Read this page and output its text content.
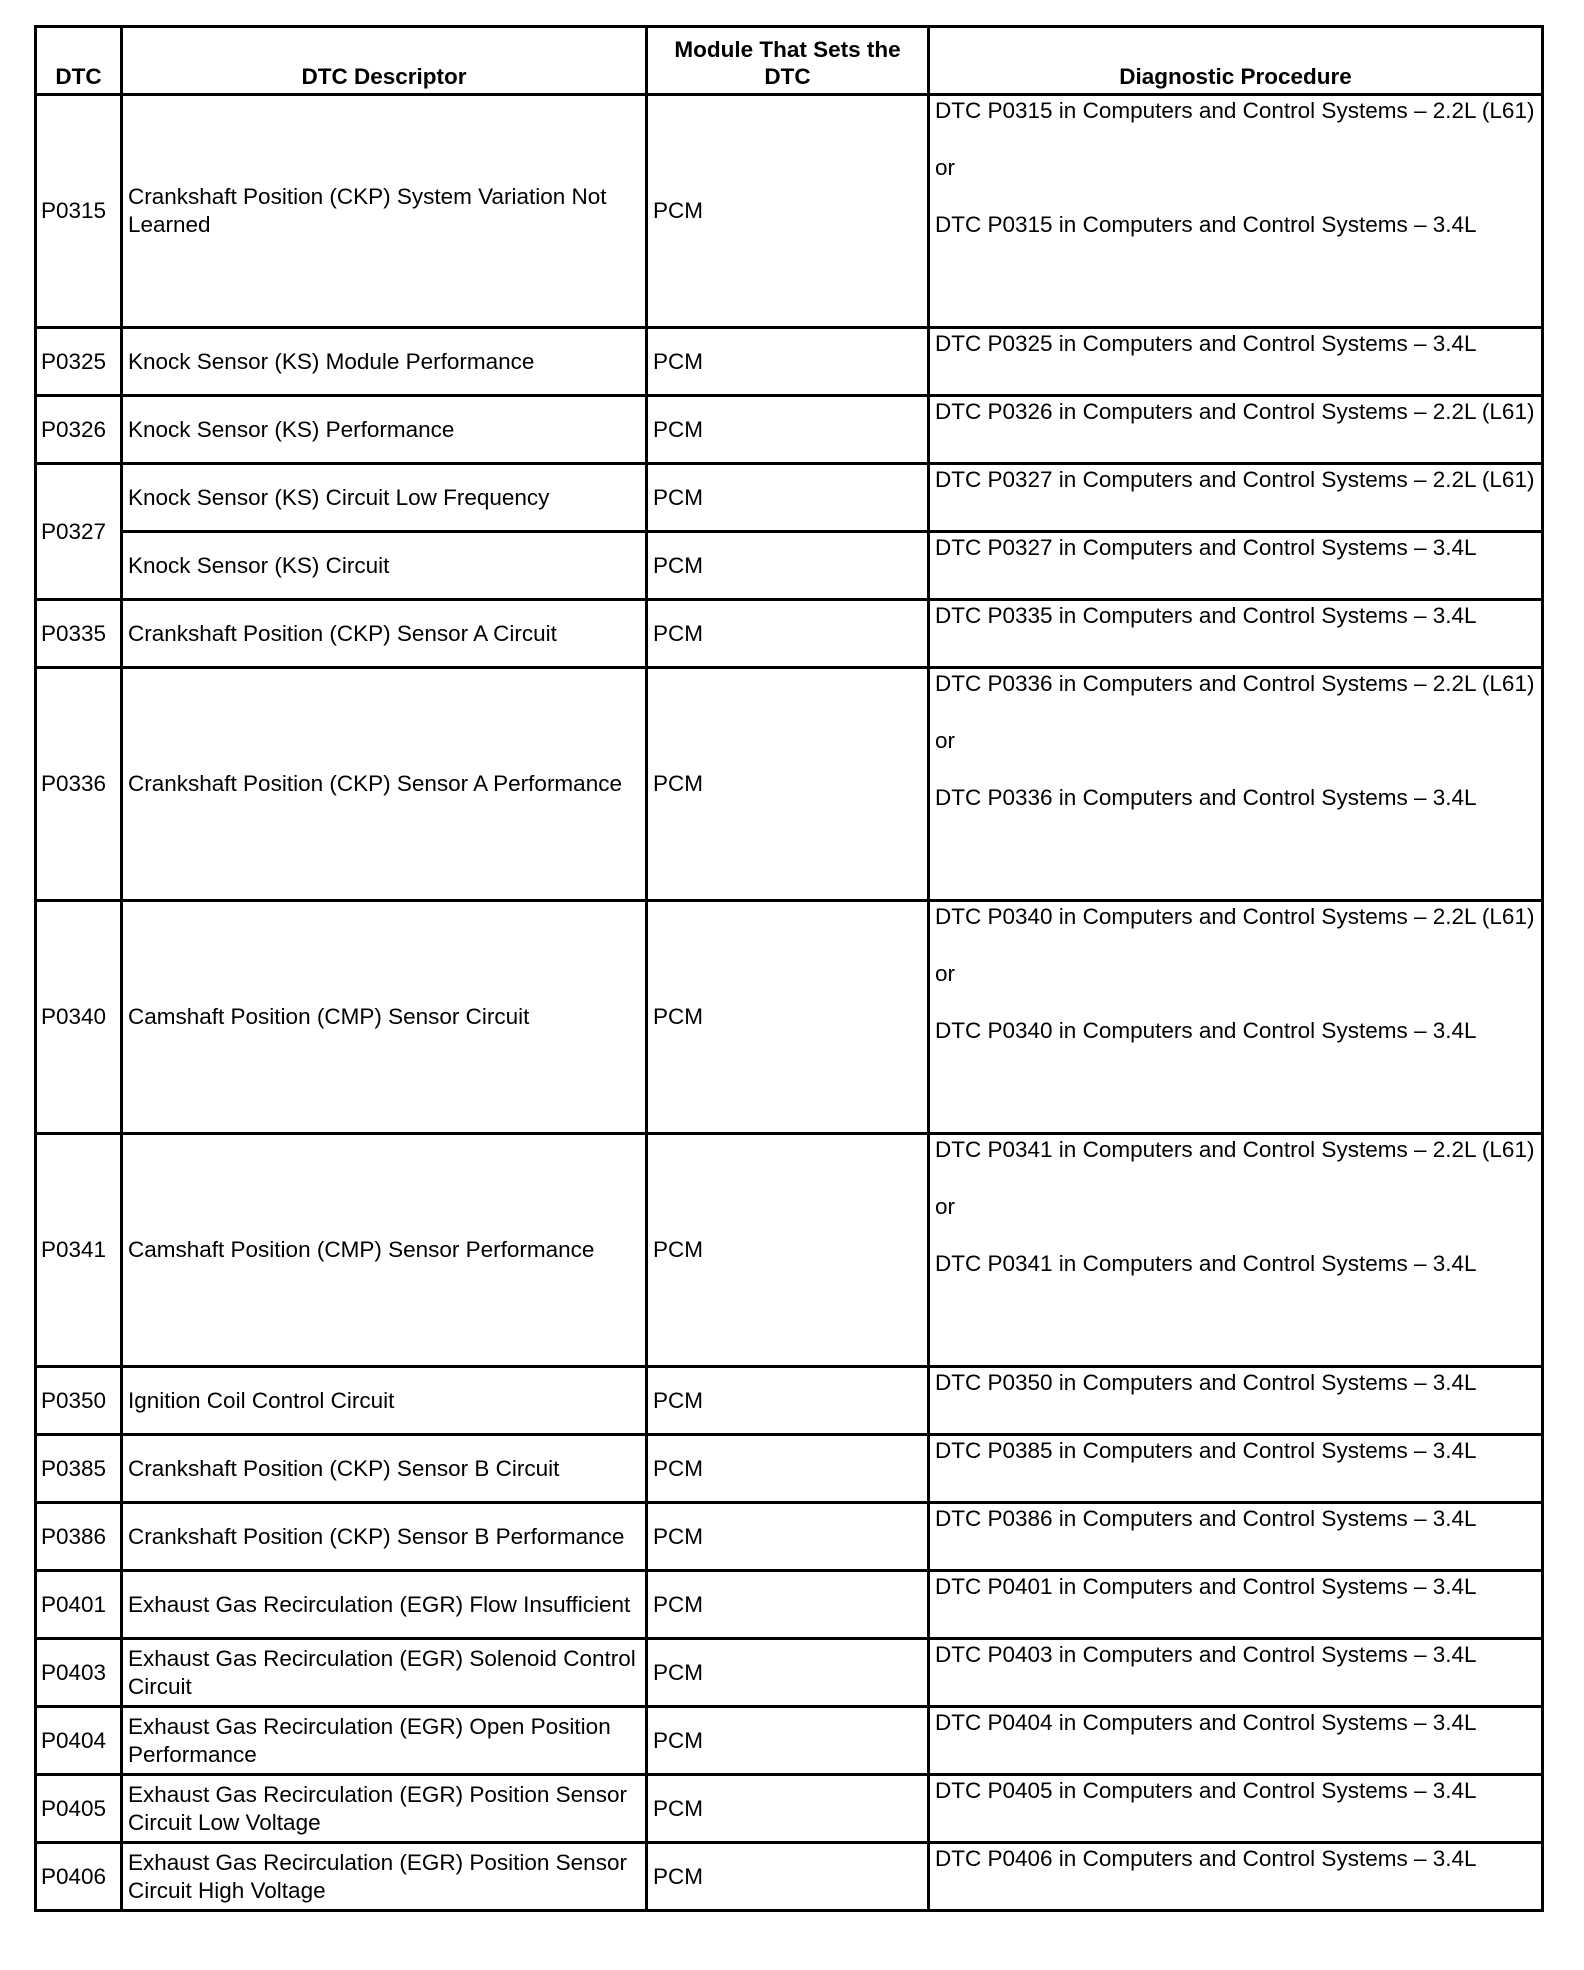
DTC	DTC Descriptor	Module That Sets the DTC	Diagnostic Procedure
P0315	Crankshaft Position (CKP) System Variation Not Learned	PCM	DTC P0315 in Computers and Control Systems – 2.2L (L61)
or
DTC P0315 in Computers and Control Systems – 3.4L

P0325	Knock Sensor (KS) Module Performance	PCM	DTC P0325 in Computers and Control Systems – 3.4L

P0326	Knock Sensor (KS) Performance	PCM	DTC P0326 in Computers and Control Systems – 2.2L (L61)

P0327	Knock Sensor (KS) Circuit Low Frequency	PCM	DTC P0327 in Computers and Control Systems – 2.2L (L61)

	Knock Sensor (KS) Circuit	PCM	DTC P0327 in Computers and Control Systems – 3.4L

P0335	Crankshaft Position (CKP) Sensor A Circuit	PCM	DTC P0335 in Computers and Control Systems – 3.4L

P0336	Crankshaft Position (CKP) Sensor A Performance	PCM	DTC P0336 in Computers and Control Systems – 2.2L (L61)
or
DTC P0336 in Computers and Control Systems – 3.4L

P0340	Camshaft Position (CMP) Sensor Circuit	PCM	DTC P0340 in Computers and Control Systems – 2.2L (L61)
or
DTC P0340 in Computers and Control Systems – 3.4L

P0341	Camshaft Position (CMP) Sensor Performance	PCM	DTC P0341 in Computers and Control Systems – 2.2L (L61)
or
DTC P0341 in Computers and Control Systems – 3.4L

P0350	Ignition Coil Control Circuit	PCM	DTC P0350 in Computers and Control Systems – 3.4L

P0385	Crankshaft Position (CKP) Sensor B Circuit	PCM	DTC P0385 in Computers and Control Systems – 3.4L

P0386	Crankshaft Position (CKP) Sensor B Performance	PCM	DTC P0386 in Computers and Control Systems – 3.4L

P0401	Exhaust Gas Recirculation (EGR) Flow Insufficient	PCM	DTC P0401 in Computers and Control Systems – 3.4L

P0403	Exhaust Gas Recirculation (EGR) Solenoid Control Circuit	PCM	DTC P0403 in Computers and Control Systems – 3.4L

P0404	Exhaust Gas Recirculation (EGR) Open Position Performance	PCM	DTC P0404 in Computers and Control Systems – 3.4L

P0405	Exhaust Gas Recirculation (EGR) Position Sensor Circuit Low Voltage	PCM	DTC P0405 in Computers and Control Systems – 3.4L

P0406	Exhaust Gas Recirculation (EGR) Position Sensor Circuit High Voltage	PCM	DTC P0406 in Computers and Control Systems – 3.4L
